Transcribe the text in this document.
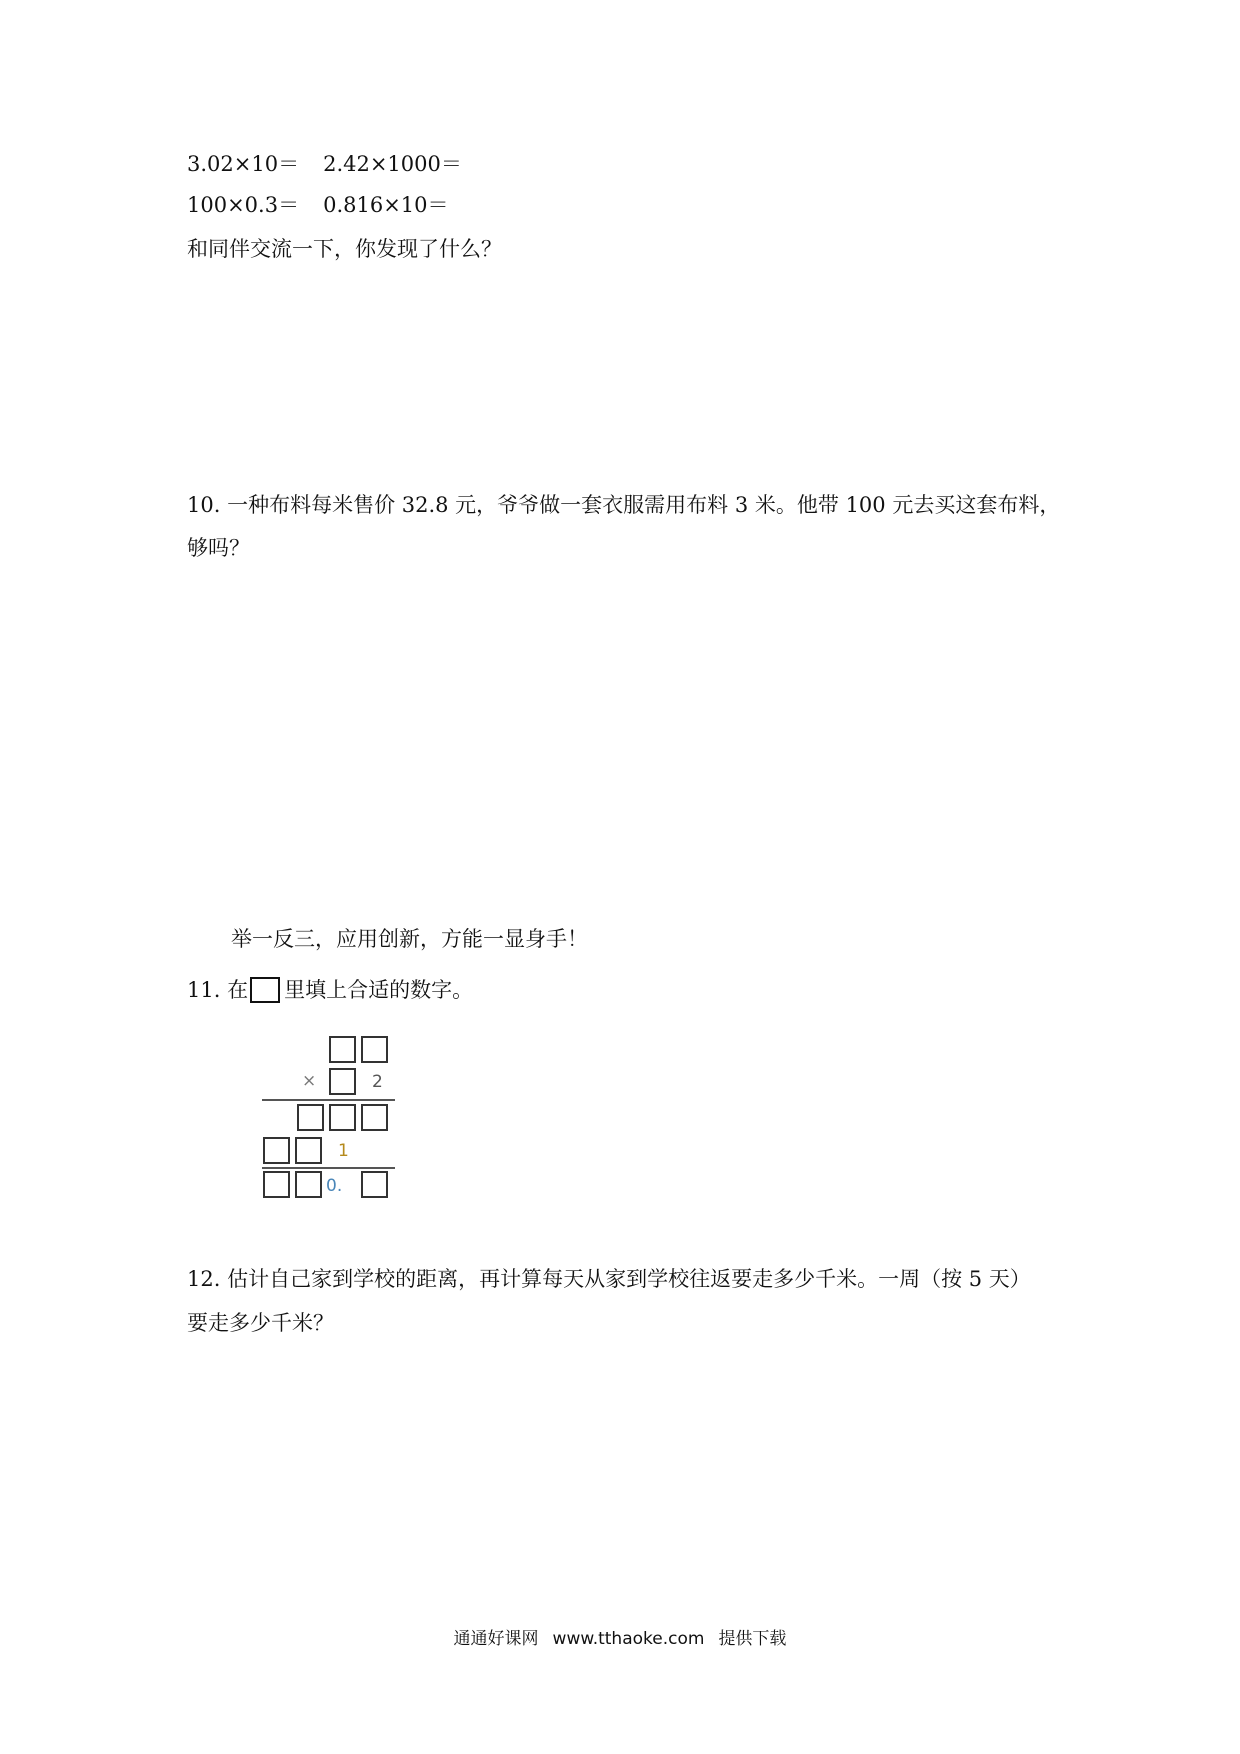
3.02×10＝ 2.42×1000＝
100×0.3＝ 0.816×10＝
和同伴交流一下，你发现了什么？
10. 一种布料每米售价 32.8 元，爷爷做一套衣服需用布料 3 米。他带 100 元去买这套布料，
够吗？
举一反三，应用创新，方能一显身手！
11. 在 里填上合适的数字。
×	2
1
0.
12. 估计自己家到学校的距离，再计算每天从家到学校往返要走多少千米。一周（按 5 天）
要走多少千米？
通通好课网 www.tthaoke.com 提供下载
